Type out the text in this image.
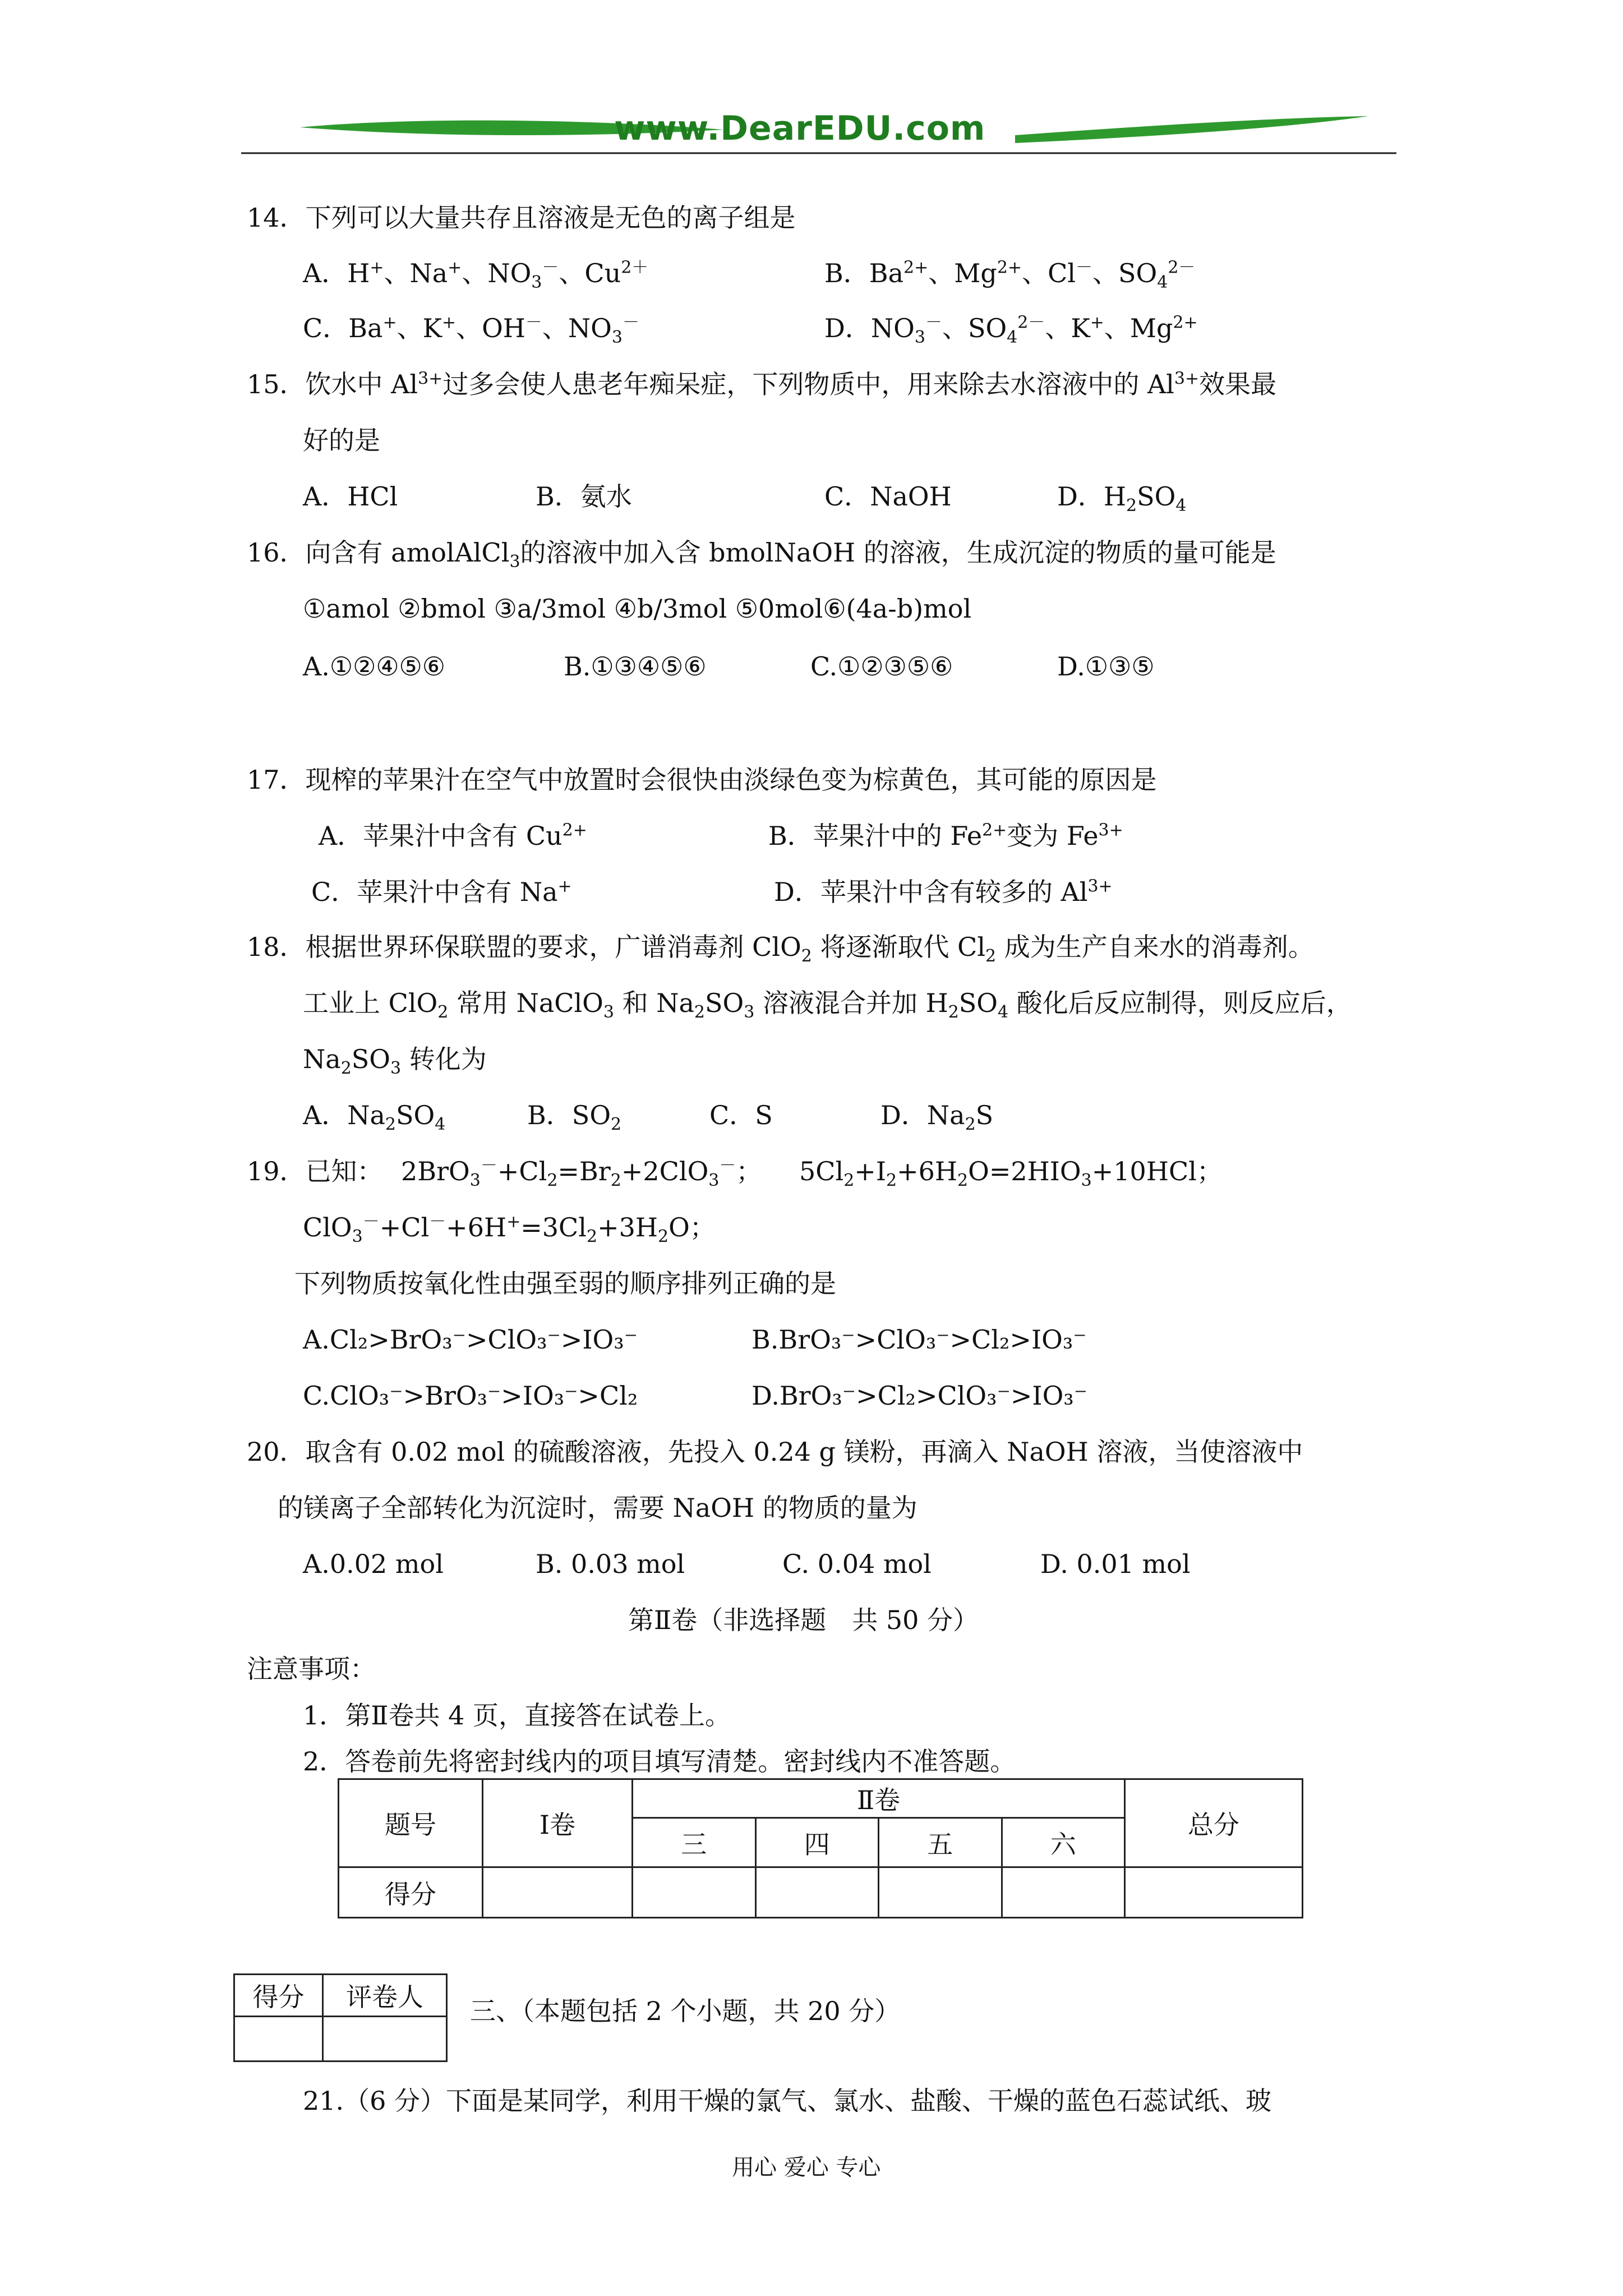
www.DearEDU.com
14．下列可以大量共存且溶液是无色的离子组是
A．H+、Na+、$NO_3^-$、$Cu^{2+}$	B．$Ba^{2+}$、$Mg^{2+}$、Cl－、$SO_4^{2-}$
C．Ba+、K+、OH－、$NO_3^-$	D．$NO_3^-$、$SO_4^{2-}$、K+、$Mg^{2+}$
15．饮水中 $Al^{3+}$过多会使人患老年痴呆症，下列物质中，用来除去水溶液中的 $Al^{3+}$效果最
好的是
A．HCl	B．氨水	C．NaOH	D．$H_2SO_4$
16．向含有 amolAlCl$_3$的溶液中加入含 bmolNaOH 的溶液，生成沉淀的物质的量可能是
①amol ②bmol ③a/3mol ④b/3mol ⑤0mol⑥(4a-b)mol
A.①②④⑤⑥	B.①③④⑤⑥	C.①②③⑤⑥	D.①③⑤
17．现榨的苹果汁在空气中放置时会很快由淡绿色变为棕黄色，其可能的原因是
A．苹果汁中含有 $Cu^{2+}$	B．苹果汁中的 $Fe^{2+}$变为 $Fe^{3+}$
C．苹果汁中含有 Na+	D．苹果汁中含有较多的 $Al^{3+}$
18．根据世界环保联盟的要求，广谱消毒剂 ClO$_2$ 将逐渐取代 $Cl_2$ 成为生产自来水的消毒剂。
工业上 ClO$_2$ 常用 NaClO$_3$ 和 $Na_2SO_3$ 溶液混合并加 $H_2SO_4$ 酸化后反应制得，则反应后，
$Na_2SO_3$ 转化为
A．$Na_2SO_4$	B．$SO_2$	C．S	D．$Na_2S$
19．已知： $2BrO_3^-+Cl_2=Br_2+2ClO_3^-$； $5Cl_2+I_2+6H_2O=2HIO_3+10HCl$；
$ClO_3^-+Cl^-+6H^+=3Cl_2+3H_2O$；
下列物质按氧化性由强至弱的顺序排列正确的是
A.Cl₂>BrO₃⁻>ClO₃⁻>IO₃⁻	B.BrO₃⁻>ClO₃⁻>Cl₂>IO₃⁻
C.ClO₃⁻>BrO₃⁻>IO₃⁻>Cl₂	D.BrO₃⁻>Cl₂>ClO₃⁻>IO₃⁻
20．取含有 0.02 mol 的硫酸溶液，先投入 0.24 g 镁粉，再滴入 NaOH 溶液，当使溶液中
的镁离子全部转化为沉淀时，需要 NaOH 的物质的量为
A.0.02 mol	B. 0.03 mol	C. 0.04 mol	D. 0.01 mol
第Ⅱ卷（非选择题　共 50 分）
注意事项：
1．第Ⅱ卷共 4 页，直接答在试卷上。
2．答卷前先将密封线内的项目填写清楚。密封线内不准答题。
题号	Ⅰ卷	Ⅱ卷				总分
		三	四	五	六	
得分						
得分	评卷人
	三、（本题包括 2 个小题，共 20 分）
21.（6 分）下面是某同学，利用干燥的氯气、氯水、盐酸、干燥的蓝色石蕊试纸、玻
用心 爱心 专心
